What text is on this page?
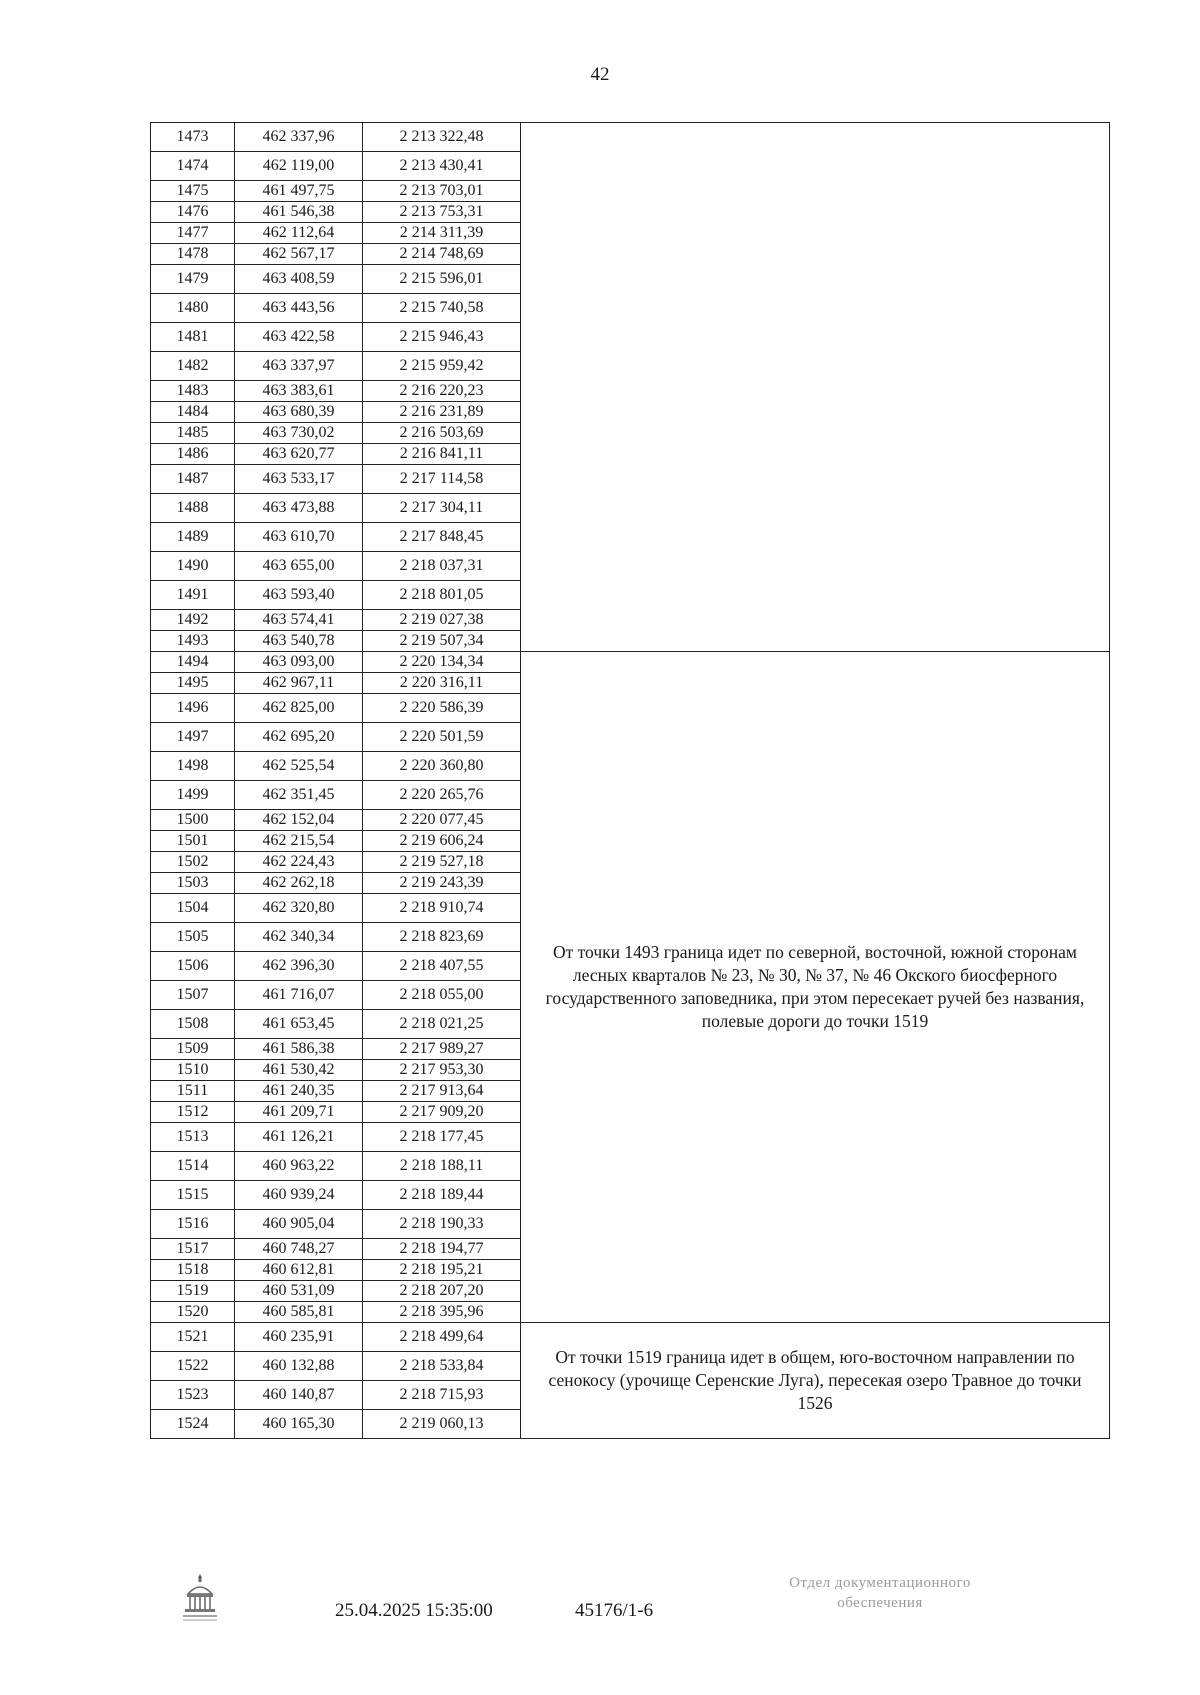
42
1473	462 337,96	2 213 322,48	
1474	462 119,00	2 213 430,41	
1475	461 497,75	2 213 703,01	
1476	461 546,38	2 213 753,31	
1477	462 112,64	2 214 311,39	
1478	462 567,17	2 214 748,69	
1479	463 408,59	2 215 596,01	
1480	463 443,56	2 215 740,58	
1481	463 422,58	2 215 946,43	
1482	463 337,97	2 215 959,42	
1483	463 383,61	2 216 220,23	
1484	463 680,39	2 216 231,89	
1485	463 730,02	2 216 503,69	
1486	463 620,77	2 216 841,11	
1487	463 533,17	2 217 114,58	
1488	463 473,88	2 217 304,11	
1489	463 610,70	2 217 848,45	
1490	463 655,00	2 218 037,31	
1491	463 593,40	2 218 801,05	
1492	463 574,41	2 219 027,38	
1493	463 540,78	2 219 507,34	
1494	463 093,00	2 220 134,34	От точки 1493 граница идет по северной, восточной, южной сторонам лесных кварталов № 23, № 30, № 37, № 46 Окского биосферного государственного заповедника, при этом пересекает ручей без названия, полевые дороги до точки 1519
1495	462 967,11	2 220 316,11	
1496	462 825,00	2 220 586,39	
1497	462 695,20	2 220 501,59	
1498	462 525,54	2 220 360,80	
1499	462 351,45	2 220 265,76	
1500	462 152,04	2 220 077,45	
1501	462 215,54	2 219 606,24	
1502	462 224,43	2 219 527,18	
1503	462 262,18	2 219 243,39	
1504	462 320,80	2 218 910,74	
1505	462 340,34	2 218 823,69	
1506	462 396,30	2 218 407,55	
1507	461 716,07	2 218 055,00	
1508	461 653,45	2 218 021,25	
1509	461 586,38	2 217 989,27	
1510	461 530,42	2 217 953,30	
1511	461 240,35	2 217 913,64	
1512	461 209,71	2 217 909,20	
1513	461 126,21	2 218 177,45	
1514	460 963,22	2 218 188,11	
1515	460 939,24	2 218 189,44	
1516	460 905,04	2 218 190,33	
1517	460 748,27	2 218 194,77	
1518	460 612,81	2 218 195,21	
1519	460 531,09	2 218 207,20	
1520	460 585,81	2 218 395,96	
1521	460 235,91	2 218 499,64	От точки 1519 граница идет в общем, юго-восточном направлении по сенокосу (урочище Серенские Луга), пересекая озеро Травное до точки 1526
1522	460 132,88	2 218 533,84	
1523	460 140,87	2 218 715,93	
1524	460 165,30	2 219 060,13	
25.04.2025 15:35:00	45176/1-6
Отдел документационного
обеспечения
